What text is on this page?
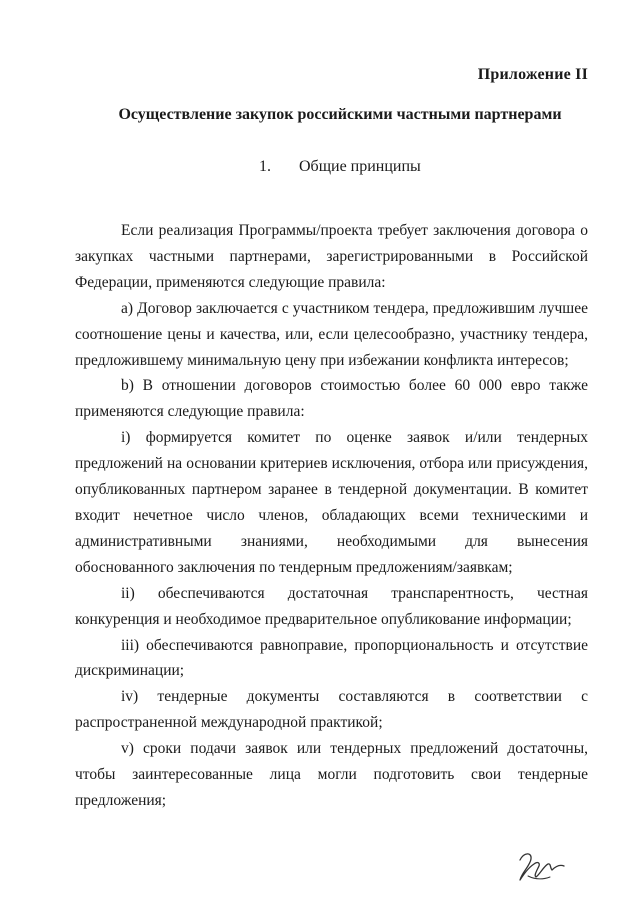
Приложение II
Осуществление закупок российскими частными партнерами
1. Общие принципы

Если реализация Программы/проекта требует заключения договора о закупках частными партнерами, зарегистрированными в Российской Федерации, применяются следующие правила:

a) Договор заключается с участником тендера, предложившим лучшее соотношение цены и качества, или, если целесообразно, участнику тендера, предложившему минимальную цену при избежании конфликта интересов;

b) В отношении договоров стоимостью более 60 000 евро также применяются следующие правила:

i) формируется комитет по оценке заявок и/или тендерных предложений на основании критериев исключения, отбора или присуждения, опубликованных партнером заранее в тендерной документации. В комитет входит нечетное число членов, обладающих всеми техническими и административными знаниями, необходимыми для вынесения обоснованного заключения по тендерным предложениям/заявкам;

ii) обеспечиваются достаточная транспарентность, честная конкуренция и необходимое предварительное опубликование информации;

iii) обеспечиваются равноправие, пропорциональность и отсутствие дискриминации;

iv) тендерные документы составляются в соответствии с распространенной международной практикой;

v) сроки подачи заявок или тендерных предложений достаточны, чтобы заинтересованные лица могли подготовить свои тендерные предложения;
